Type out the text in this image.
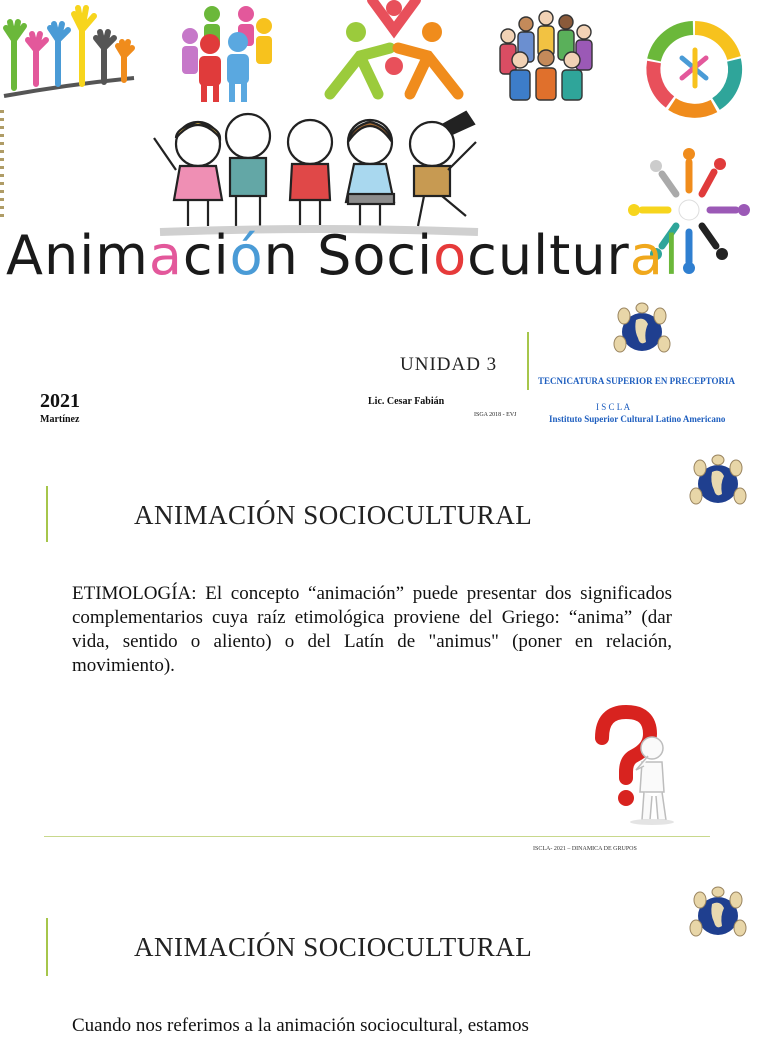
Animación Sociocultural
UNIDAD 3
2021
Martínez
Lic. Cesar Fabián
ISGA 2018 - EVJ
TECNICATURA SUPERIOR EN PRECEPTORIA
I S C L A
Instituto Superior Cultural Latino Americano
ANIMACIÓN SOCIOCULTURAL
ETIMOLOGÍA: El concepto “animación” puede presentar dos significados complementarios cuya raíz etimológica proviene del Griego: “anima” (dar vida, sentido o aliento) o del Latín de "animus" (poner en relación, movimiento).
ISCLA- 2021 – DINAMICA DE GRUPOS
ANIMACIÓN SOCIOCULTURAL
Cuando nos referimos a la animación sociocultural, estamos
